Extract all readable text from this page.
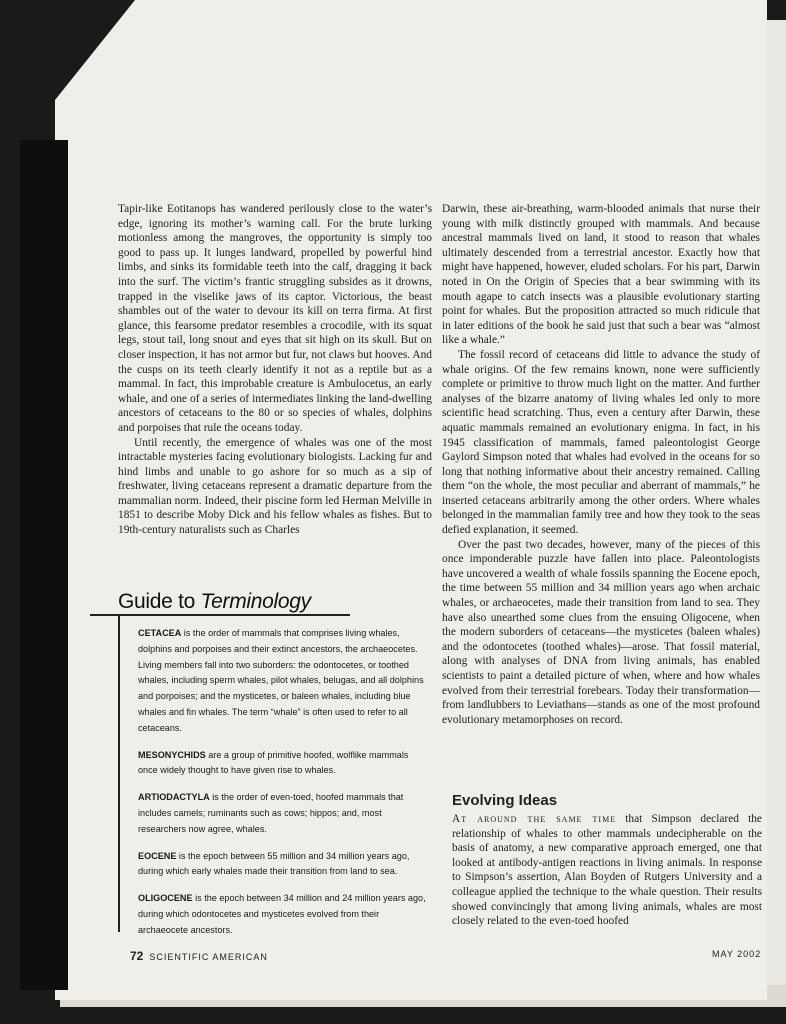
Tapir-like Eotitanops has wandered perilously close to the water’s edge, ignoring its mother’s warning call. For the brute lurking motionless among the mangroves, the opportunity is simply too good to pass up. It lunges landward, propelled by powerful hind limbs, and sinks its formidable teeth into the calf, dragging it back into the surf. The victim’s frantic struggling subsides as it drowns, trapped in the viselike jaws of its captor. Victorious, the beast shambles out of the water to devour its kill on terra firma. At first glance, this fearsome predator resembles a crocodile, with its squat legs, stout tail, long snout and eyes that sit high on its skull. But on closer inspection, it has not armor but fur, not claws but hooves. And the cusps on its teeth clearly identify it not as a reptile but as a mammal. In fact, this improbable creature is Ambulocetus, an early whale, and one of a series of intermediates linking the land-dwelling ancestors of cetaceans to the 80 or so species of whales, dolphins and porpoises that rule the oceans today.

Until recently, the emergence of whales was one of the most intractable mysteries facing evolutionary biologists. Lacking fur and hind limbs and unable to go ashore for so much as a sip of freshwater, living cetaceans represent a dramatic departure from the mammalian norm. Indeed, their piscine form led Herman Melville in 1851 to describe Moby Dick and his fellow whales as fishes. But to 19th-century naturalists such as Charles

Darwin, these air-breathing, warm-blooded animals that nurse their young with milk distinctly grouped with mammals. And because ancestral mammals lived on land, it stood to reason that whales ultimately descended from a terrestrial ancestor. Exactly how that might have happened, however, eluded scholars. For his part, Darwin noted in On the Origin of Species that a bear swimming with its mouth agape to catch insects was a plausible evolutionary starting point for whales. But the proposition attracted so much ridicule that in later editions of the book he said just that such a bear was “almost like a whale.”

The fossil record of cetaceans did little to advance the study of whale origins. Of the few remains known, none were sufficiently complete or primitive to throw much light on the matter. And further analyses of the bizarre anatomy of living whales led only to more scientific head scratching. Thus, even a century after Darwin, these aquatic mammals remained an evolutionary enigma. In fact, in his 1945 classification of mammals, famed paleontologist George Gaylord Simpson noted that whales had evolved in the oceans for so long that nothing informative about their ancestry remained. Calling them “on the whole, the most peculiar and aberrant of mammals,” he inserted cetaceans arbitrarily among the other orders. Where whales belonged in the mammalian family tree and how they took to the seas defied explanation, it seemed.

Over the past two decades, however, many of the pieces of this once imponderable puzzle have fallen into place. Paleontologists have uncovered a wealth of whale fossils spanning the Eocene epoch, the time between 55 million and 34 million years ago when archaic whales, or archaeocetes, made their transition from land to sea. They have also unearthed some clues from the ensuing Oligocene, when the modern suborders of cetaceans—the mysticetes (baleen whales) and the odontocetes (toothed whales)—arose. That fossil material, along with analyses of DNA from living animals, has enabled scientists to paint a detailed picture of when, where and how whales evolved from their terrestrial forebears. Today their transformation—from landlubbers to Leviathans—stands as one of the most profound evolutionary metamorphoses on record.

Guide to Terminology
CETACEA is the order of mammals that comprises living whales, dolphins and porpoises and their extinct ancestors, the archaeocetes. Living members fall into two suborders: the odontocetes, or toothed whales, including sperm whales, pilot whales, belugas, and all dolphins and porpoises; and the mysticetes, or baleen whales, including blue whales and fin whales. The term “whale” is often used to refer to all cetaceans.
MESONYCHIDS are a group of primitive hoofed, wolflike mammals once widely thought to have given rise to whales.
ARTIODACTYLA is the order of even-toed, hoofed mammals that includes camels; ruminants such as cows; hippos; and, most researchers now agree, whales.
EOCENE is the epoch between 55 million and 34 million years ago, during which early whales made their transition from land to sea.
OLIGOCENE is the epoch between 34 million and 24 million years ago, during which odontocetes and mysticetes evolved from their archaeocete ancestors.
Evolving Ideas
At around the same time that Simpson declared the relationship of whales to other mammals undecipherable on the basis of anatomy, a new comparative approach emerged, one that looked at antibody-antigen reactions in living animals. In response to Simpson’s assertion, Alan Boyden of Rutgers University and a colleague applied the technique to the whale question. Their results showed convincingly that among living animals, whales are most closely related to the even-toed hoofed
72 SCIENTIFIC AMERICAN	MAY 2002
